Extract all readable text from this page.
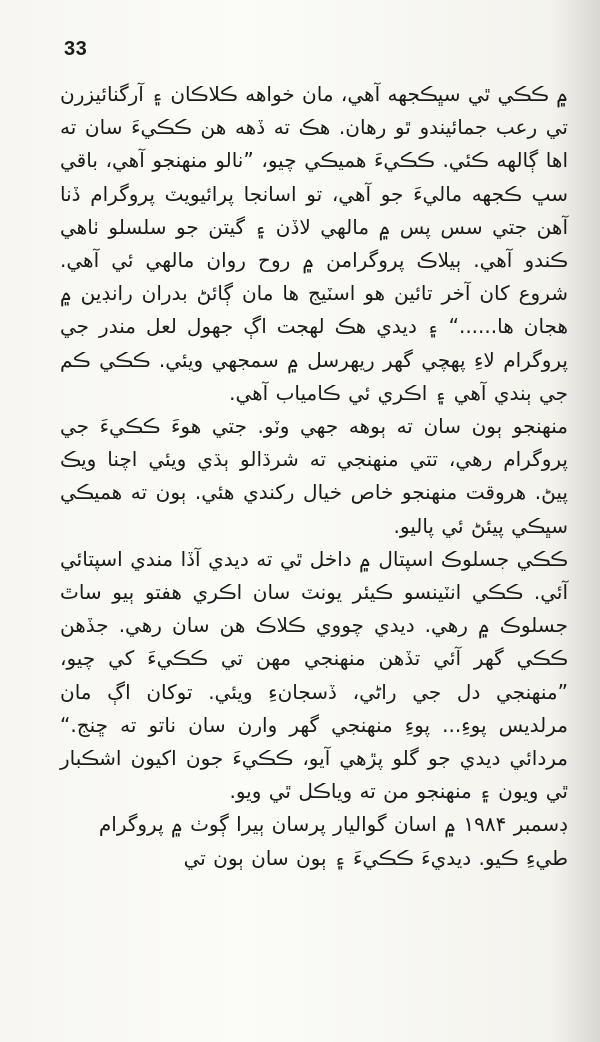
33

۾ ڪڪي ٿي سڀڪجهه آهي، مان خواهه ڪلاڪان ۽ آرگنائيزرن تي رعب جمائيندو ٿو رهان. هڪ ته ڏهه هن ڪڪيءَ سان ته اها ڳالهه ڪئي. ڪڪيءَ هميڪي چيو، ”نالو منهنجو آهي، باقي سڀ ڪجهه ماليءَ جو آهي، تو اسانجا پرائيويٽ پروگرام ڏنا آهن جتي سس پس ۾ مالهي لاڏن ۽ گيتن جو سلسلو ٺاهي ڪندو آهي. ٻيلاڪ پروگرامن ۾ روح روان مالهي ئي آهي. شروع کان آخر تائين هو اسٽيج ها مان ڳائڻ بدران رانڊين ۾ هجان ها......“ ۽ ديدي هڪ لهجت اڳ جهول لعل مندر جي پروگرام لاءِ پهچي گهر ريهرسل ۾ سمجهي ويئي. ڪڪي ڪم جي ٻندي آهي ۽ اڪري ئي ڪامياب آهي.

منهنجو ٻون سان ته ٻوهه جهي وٽو. جتي هوءَ ڪڪيءَ جي پروگرام رهي، تتي منهنجي ته شرڌالو ٻڌي ويئي اچنا ويڪ پيڻ. هروقت منهنجو خاص خيال رکندي هئي. ٻون ته هميڪي سڀڪي پيئڻ ئي پاليو.

ڪڪي جسلوڪ اسپتال ۾ داخل ٿي ته ديدي آڏا مندي اسپتائي آئي. ڪڪي انٽينسو ڪيئر يونٽ سان اڪري هفتو ٻيو ساٿ جسلوڪ ۾ رهي. ديدي چووي ڪلاڪ هن سان رهي. جڏهن ڪڪي گهر آئي تڏهن منهنجي مهن تي ڪڪيءَ کي چيو، ”منهنجي دل جي راڻي، ڏسجانءِ ويئي. توکان اڳ مان مرلديس پوءِ... پوءِ منهنجي گهر وارن سان ناتو ته ڇنج.“ مردائي ديدي جو گلو پڙهي آيو، ڪڪيءَ جون اکيون اشڪبار ٿي ويون ۽ منهنجو من ته وياڪل ٿي ويو.

ڊسمبر ۱۹۸۴ ۾ اسان گواليار پرسان ٻيرا ڳوٺ ۾ پروگرام طيءِ ڪيو. ديديءَ ڪڪيءَ ۽ ٻون سان ٻون تي
